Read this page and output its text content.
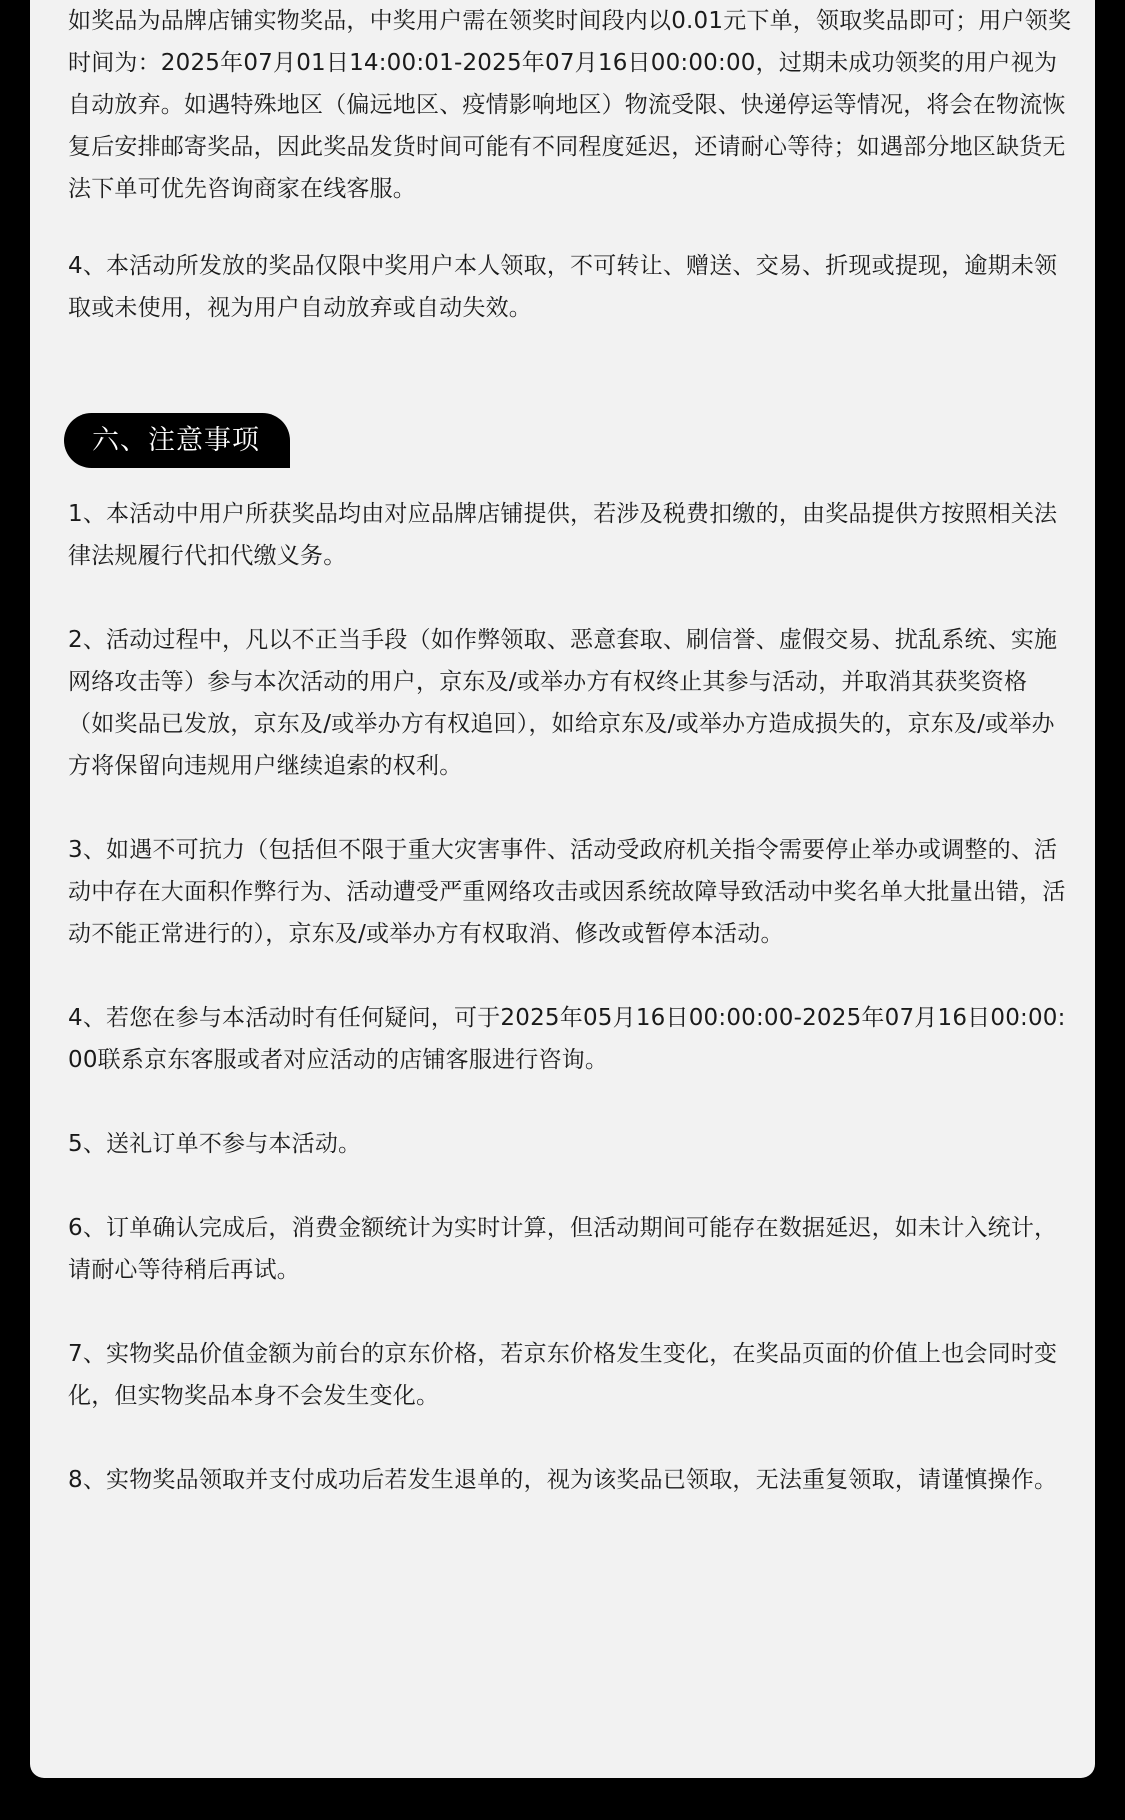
如奖品为品牌店铺实物奖品，中奖用户需在领奖时间段内以0.01元下单，领取奖品即可；用户领奖时间为：2025年07月01日14:00:01-2025年07月16日00:00:00，过期未成功领奖的用户视为自动放弃。如遇特殊地区（偏远地区、疫情影响地区）物流受限、快递停运等情况，将会在物流恢复后安排邮寄奖品，因此奖品发货时间可能有不同程度延迟，还请耐心等待；如遇部分地区缺货无法下单可优先咨询商家在线客服。

4、本活动所发放的奖品仅限中奖用户本人领取，不可转让、赠送、交易、折现或提现，逾期未领取或未使用，视为用户自动放弃或自动失效。

六、注意事项

1、本活动中用户所获奖品均由对应品牌店铺提供，若涉及税费扣缴的，由奖品提供方按照相关法律法规履行代扣代缴义务。

2、活动过程中，凡以不正当手段（如作弊领取、恶意套取、刷信誉、虚假交易、扰乱系统、实施网络攻击等）参与本次活动的用户，京东及/或举办方有权终止其参与活动，并取消其获奖资格（如奖品已发放，京东及/或举办方有权追回），如给京东及/或举办方造成损失的，京东及/或举办方将保留向违规用户继续追索的权利。

3、如遇不可抗力（包括但不限于重大灾害事件、活动受政府机关指令需要停止举办或调整的、活动中存在大面积作弊行为、活动遭受严重网络攻击或因系统故障导致活动中奖名单大批量出错，活动不能正常进行的），京东及/或举办方有权取消、修改或暂停本活动。

4、若您在参与本活动时有任何疑问，可于2025年05月16日00:00:00-2025年07月16日00:00:00联系京东客服或者对应活动的店铺客服进行咨询。

5、送礼订单不参与本活动。

6、订单确认完成后，消费金额统计为实时计算，但活动期间可能存在数据延迟，如未计入统计，请耐心等待稍后再试。

7、实物奖品价值金额为前台的京东价格，若京东价格发生变化，在奖品页面的价值上也会同时变化，但实物奖品本身不会发生变化。

8、实物奖品领取并支付成功后若发生退单的，视为该奖品已领取，无法重复领取，请谨慎操作。
